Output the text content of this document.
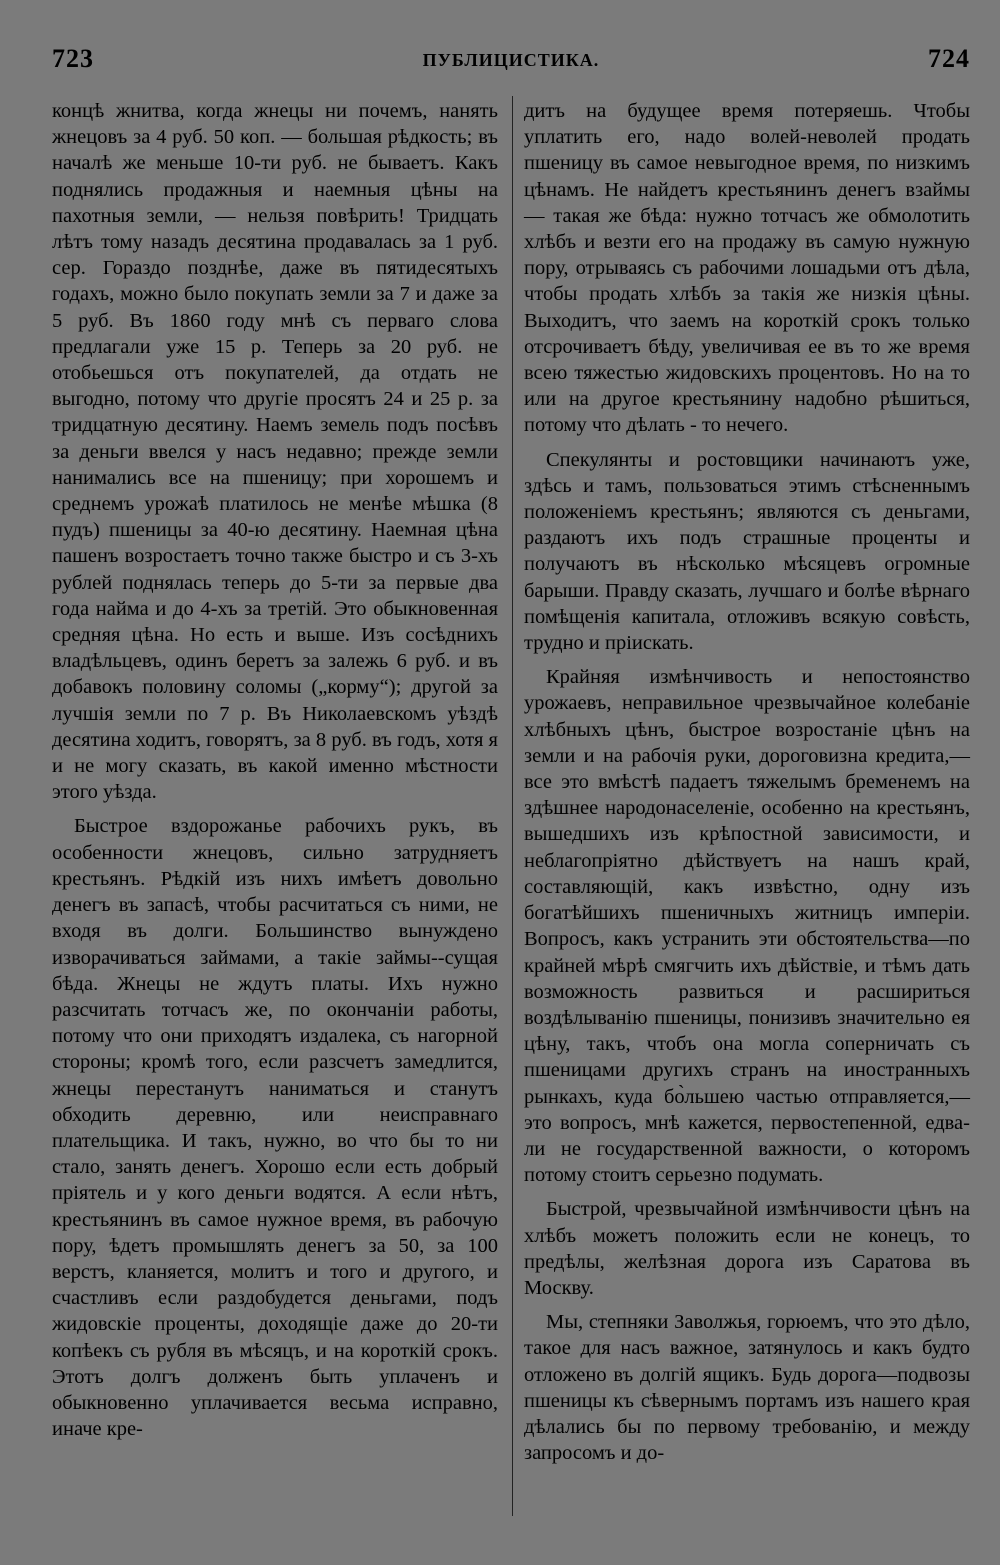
723	ПУБЛИЦИСТИКА.	724

концѣ жнитва, когда жнецы ни почемъ, нанять жнецовъ за 4 руб. 50 коп. — большая рѣдкость; въ началѣ же меньше 10-ти руб. не бываетъ. Какъ поднялись продажныя и наемныя цѣны на пахотныя земли, — нельзя повѣрить! Тридцать лѣтъ тому назадъ десятина продавалась за 1 руб. сер. Гораздо позднѣе, даже въ пятидесятыхъ годахъ, можно было покупать земли за 7 и даже за 5 руб. Въ 1860 году мнѣ съ перваго слова предлагали уже 15 р. Теперь за 20 руб. не отобьешься отъ покупателей, да отдать не выгодно, потому что другіе просятъ 24 и 25 р. за тридцатную десятину. Наемъ земель подъ посѣвъ за деньги ввелся у насъ недавно; прежде земли нанимались все на пшеницу; при хорошемъ и среднемъ урожаѣ платилось не менѣе мѣшка (8 пудъ) пшеницы за 40-ю десятину. Наемная цѣна пашенъ возростаетъ точно также быстро и съ 3-хъ рублей поднялась теперь до 5-ти за первые два года найма и до 4-хъ за третій. Это обыкновенная средняя цѣна. Но есть и выше. Изъ сосѣднихъ владѣльцевъ, одинъ беретъ за залежь 6 руб. и въ добавокъ половину соломы („корму“); другой за лучшія земли по 7 р. Въ Николаевскомъ уѣздѣ десятина ходитъ, говорятъ, за 8 руб. въ годъ, хотя я и не могу сказать, въ какой именно мѣстности этого уѣзда.

Быстрое вздорожанье рабочихъ рукъ, въ особенности жнецовъ, сильно затрудняетъ крестьянъ. Рѣдкій изъ нихъ имѣетъ довольно денегъ въ запасѣ, чтобы расчитаться съ ними, не входя въ долги. Большинство вынуждено изворачиваться займами, а такіе займы--сущая бѣда. Жнецы не ждутъ платы. Ихъ нужно разсчитать тотчасъ же, по окончаніи работы, потому что они приходятъ издалека, съ нагорной стороны; кромѣ того, если разсчетъ замедлится, жнецы перестанутъ наниматься и станутъ обходить деревню, или неисправнаго плательщика. И такъ, нужно, во что бы то ни стало, занять денегъ. Хорошо если есть добрый пріятель и у кого деньги водятся. А если нѣтъ, крестьянинъ въ самое нужное время, въ рабочую пору, ѣдетъ промышлять денегъ за 50, за 100 верстъ, кланяется, молитъ и того и другого, и счастливъ если раздобудется деньгами, подъ жидовскіе проценты, доходящіе даже до 20-ти копѣекъ съ рубля въ мѣсяцъ, и на короткій срокъ. Этотъ долгъ долженъ быть уплаченъ и обыкновенно уплачивается весьма исправно, иначе кре-

дитъ на будущее время потеряешь. Чтобы уплатить его, надо волей-неволей продать пшеницу въ самое невыгодное время, по низкимъ цѣнамъ. Не найдетъ крестьянинъ денегъ взаймы — такая же бѣда: нужно тотчасъ же обмолотить хлѣбъ и везти его на продажу въ самую нужную пору, отрываясь съ рабочими лошадьми отъ дѣла, чтобы продать хлѣбъ за такія же низкія цѣны. Выходитъ, что заемъ на короткій срокъ только отсрочиваетъ бѣду, увеличивая ее въ то же время всею тяжестью жидовскихъ процентовъ. Но на то или на другое крестьянину надобно рѣшиться, потому что дѣлать - то нечего.

Спекулянты и ростовщики начинаютъ уже, здѣсь и тамъ, пользоваться этимъ стѣсненнымъ положеніемъ крестьянъ; являются съ деньгами, раздаютъ ихъ подъ страшные проценты и получаютъ въ нѣсколько мѣсяцевъ огромные барыши. Правду сказать, лучшаго и болѣе вѣрнаго помѣщенія капитала, отложивъ всякую совѣсть, трудно и пріискать.

Крайняя измѣнчивость и непостоянство урожаевъ, неправильное чрезвычайное колебаніе хлѣбныхъ цѣнъ, быстрое возростаніе цѣнъ на земли и на рабочія руки, дороговизна кредита,—все это вмѣстѣ падаетъ тяжелымъ бременемъ на здѣшнее народонаселеніе, особенно на крестьянъ, вышедшихъ изъ крѣпостной зависимости, и неблагопріятно дѣйствуетъ на нашъ край, составляющій, какъ извѣстно, одну изъ богатѣйшихъ пшеничныхъ житницъ имперіи. Вопросъ, какъ устранить эти обстоятельства—по крайней мѣрѣ смягчить ихъ дѣйствіе, и тѣмъ дать возможность развиться и расшириться воздѣлыванію пшеницы, понизивъ значительно ея цѣну, такъ, чтобъ она могла соперничать съ пшеницами другихъ странъ на иностранныхъ рынкахъ, куда бо̀льшею частью отправляется,—это вопросъ, мнѣ кажется, первостепенной, едва-ли не государственной важности, о которомъ потому стоитъ серьезно подумать.

Быстрой, чрезвычайной измѣнчивости цѣнъ на хлѣбъ можетъ положить если не конецъ, то предѣлы, желѣзная дорога изъ Саратова въ Москву.

Мы, степняки Заволжья, горюемъ, что это дѣло, такое для насъ важное, затянулось и какъ будто отложено въ долгій ящикъ. Будь дорога—подвозы пшеницы къ сѣвернымъ портамъ изъ нашего края дѣлались бы по первому требованію, и между запросомъ и до-
